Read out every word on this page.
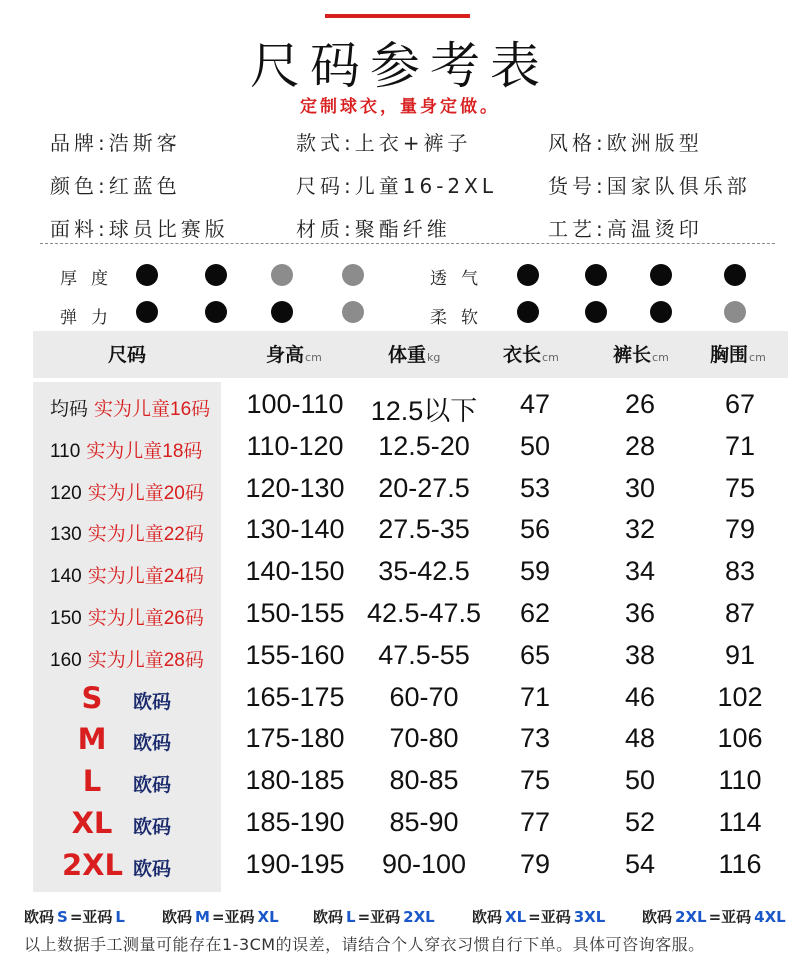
尺码参考表
定制球衣，量身定做。
品牌:浩斯客	款式:上衣+裤子	风格:欧洲版型
颜色:红蓝色	尺码:儿童16-2XL	货号:国家队俱乐部
面料:球员比赛版	材质:聚酯纤维	工艺:高温烫印
厚度
弹力
透气
柔软
尺码	身高cm	体重kg	衣长cm	裤长cm 胸围cm
均码 实为儿童16码	100-110	12.5以下	47	26	67
110 实为儿童18码	110-120	12.5-20	50	28	71
120 实为儿童20码	120-130	20-27.5	53	30	75
130 实为儿童22码	130-140	27.5-35	56	32	79
140 实为儿童24码	140-150	35-42.5	59	34	83
150 实为儿童26码	150-155 42.5-47.5	62	36	87
160 实为儿童28码	155-160	47.5-55	65	38	91
S	欧码	165-175	60-70	71	46	102
M	欧码	175-180	70-80	73	48	106
L	欧码	180-185	80-85	75	50	110
XL	欧码	185-190	85-90	77	52	114
2XL 欧码	190-195	90-100	79	54	116
欧码 S =亚码 L 欧码 M =亚码 XL 欧码 L =亚码 2XL 欧码 XL =亚码 3XL 欧码 2XL =亚码 4XL
以上数据手工测量可能存在1-3CM的误差，请结合个人穿衣习惯自行下单。具体可咨询客服。
